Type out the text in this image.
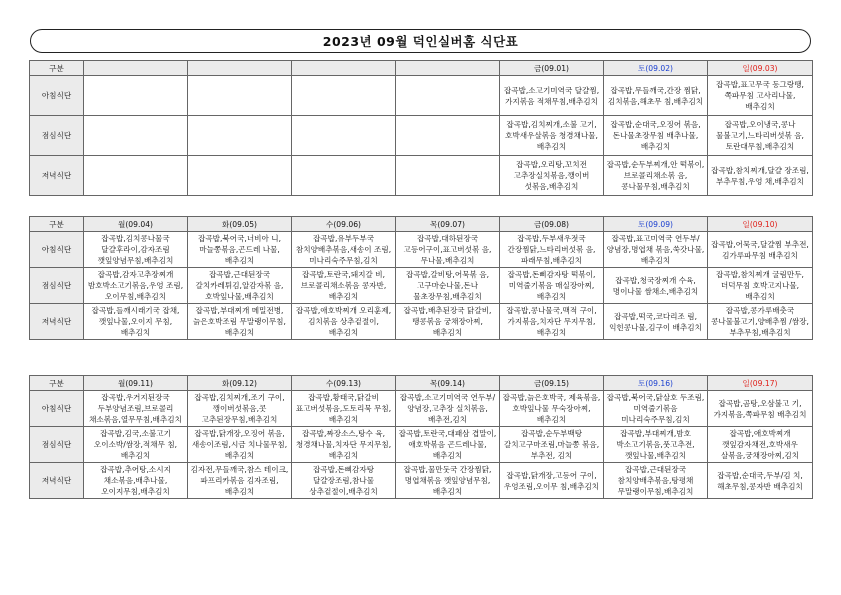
2023년 09월 덕인실버홈 식단표
구분					금(09.01)	토(09.02)	일(09.03)
아침식단					잡곡밥,소고기미역국 달걀찜,가지볶음 적채무침,배추김치	잡곡밥,무들깨국,간장 찜닭,김치볶음,해초무 침,배추김치	잡곡밥,표고무국 동그랑땡,쪽파무침 고사리나물,배추김치
점심식단					잡곡밥,김치찌개,소불 고기,호박새우살볶음 청경채나물,배추김치	잡곡밥,순대국,오징어 볶음,돈나물초장무침 배추나물,배추김치	잡곡밥,오이냉국,콩나 물불고기,느타리버섯볶 음,토란대무침,배추김치
저녁식단					잡곡밥,오리탕,꼬치전 고추장실치볶음,깽이버 섯볶음,배추김치	잡곡밥,순두부찌개,안 떡볶이,브로콜리채소볶 음,콩나물무침,배추김치	잡곡밥,참치찌개,달걀 장조림,부추무침,우엉 채,배추김치
구분	월(09.04)	화(09.05)	수(09.06)	목(09.07)	금(09.08)	토(09.09)	일(09.10)
아침식단	잡곡밥,김치콩나물국 달걀후라이,감자조림 깻잎양념무침,배추김치	잡곡밥,북어국,너비아 니,마늘쫑볶음,곤드레 나물,배추김치	잡곡밥,유부두부국 참치양배추볶음,새송이 조림,미나리숙주무침,김치	잡곡밥,대하된장국 고등어구이,표고버섯볶 음,무나물,배추김치	잡곡밥,두부새우젓국 간장찜닭,느타리버섯볶 음,파래무침,배추김치	잡곡밥,표고미역국 연두부/양념장,명엽채 볶음,쑥갓나물,배추김치	잡곡밥,어묵국,달걀찜 부추전,김가루파무침 배추김치
점심식단	잡곡밥,감자고추장찌개 밤호박소고기볶음,우엉 조림,오이무침,배추김치	잡곡밥,근대된장국 갈치카레튀김,알감자볶 음,호박잎나물,배추김치	잡곡밥,토란국,돼지갈 비,브로콜리채소볶음 콩자반,배추김치	잡곡밥,갈비탕,어묵볶 음,고구마순나물,돈나 물초장무침,배추김치	잡곡밥,돈삐감자탕 떡볶이,미역줄기볶음 매실장아찌,배추김치	잡곡밥,청국장찌개 수육,명이나물 쌈채소,배추김치	잡곡밥,참치찌개 굴림만두,더덕무침 호박고지나물,배추김치
저녁식단	잡곡밥,들깨시래기국 잡채,깻잎나물,오이지 무침,배추김치	잡곡밥,부대찌개 메밀전병,늙은호박조림 무말랭이무침,배추김치	잡곡밥,애호박찌개 오리훈제,김치볶음 상추겉절이,배추김치	잡곡밥,배추된장국 닭갈비,땡콩볶음 궁채장아찌,배추김치	잡곡밥,콩나물국,맥적 구이,가지볶음,치자단 무지무침,배추김치	잡곡밥,떡국,코다리조 림,익힌콩나물,김구이 배추김치	잡곡밥,콩가루배춧국 콩나물불고기,양배추찜 /쌈장,부추무침,배추김치
구분	월(09.11)	화(09.12)	수(09.13)	목(09.14)	금(09.15)	토(09.16)	일(09.17)
아침식단	잡곡밥,우거지된장국 두부양념조림,브로콜리 채소볶음,열무무침,배추김치	잡곡밥,김치찌개,조기 구이,깽이버섯볶음,콧 고추된장무침,배추김치	잡곡밥,황태국,닭갈비 표고버섯볶음,도토리묵 무침,배추김치	잡곡밥,소고기미역국 연두부/양념장,고추장 실치볶음,배추전,김치	잡곡밥,늙은호박국, 제육볶음,호박잎나물 무숙장아찌,배추김치	잡곡밥,북어국,닭살호 두조림,미역줄기볶음 미나리숙주무침,김치	잡곡밥,곰탕,오삼불고 기,가지볶음,쪽파무침 배추김치
점심식단	잡곡밥,김국,소불고기 오이소박/쌈장,적채무 침,배추김치	잡곡밥,닭개장,오징어 볶음,새송이조림,시금 치나물무침,배추김치	잡곡밥,짜장소스,탕수 육,청경채나물,치자단 무지무침,배추김치	잡곡밥,토란국,대패삼 겹말이,애호박볶음 곤드레나물,배추김치	잡곡밥,순두부백탕 갈치고구마조림,마늘쫑 볶음,부추전, 김치	잡곡밥,부대찌개,밤호 박소고기볶음,풋고추전, 깻잎나물,배추김치	잡곡밥,애호박찌개 깻잎감자채전,호박새우 살볶음,궁채장아찌,김치
저녁식단	잡곡밥,추어탕,소시지 채소볶음,배추나물, 오이지무침,배추김치	김자전,무들깨국,참스 테이크,파프리카볶음 김자조림,배추김치	잡곡밥,돈삐감자탕 달걀장조림,참나물 상추겉절이,배추김치	잡곡밥,물만둣국 간장찜닭,명엽채볶음 깻잎양념무침,배추김치	잡곡밥,닭개장,고등어 구이,우엉조림,오이무 침,배추김치	잡곡밥,근대된장국 참치양배추볶음,탕평채 무말랭이무침,배추김치	잡곡밥,순대국,두부/김 치,해초무침,콩자반 배추김치
